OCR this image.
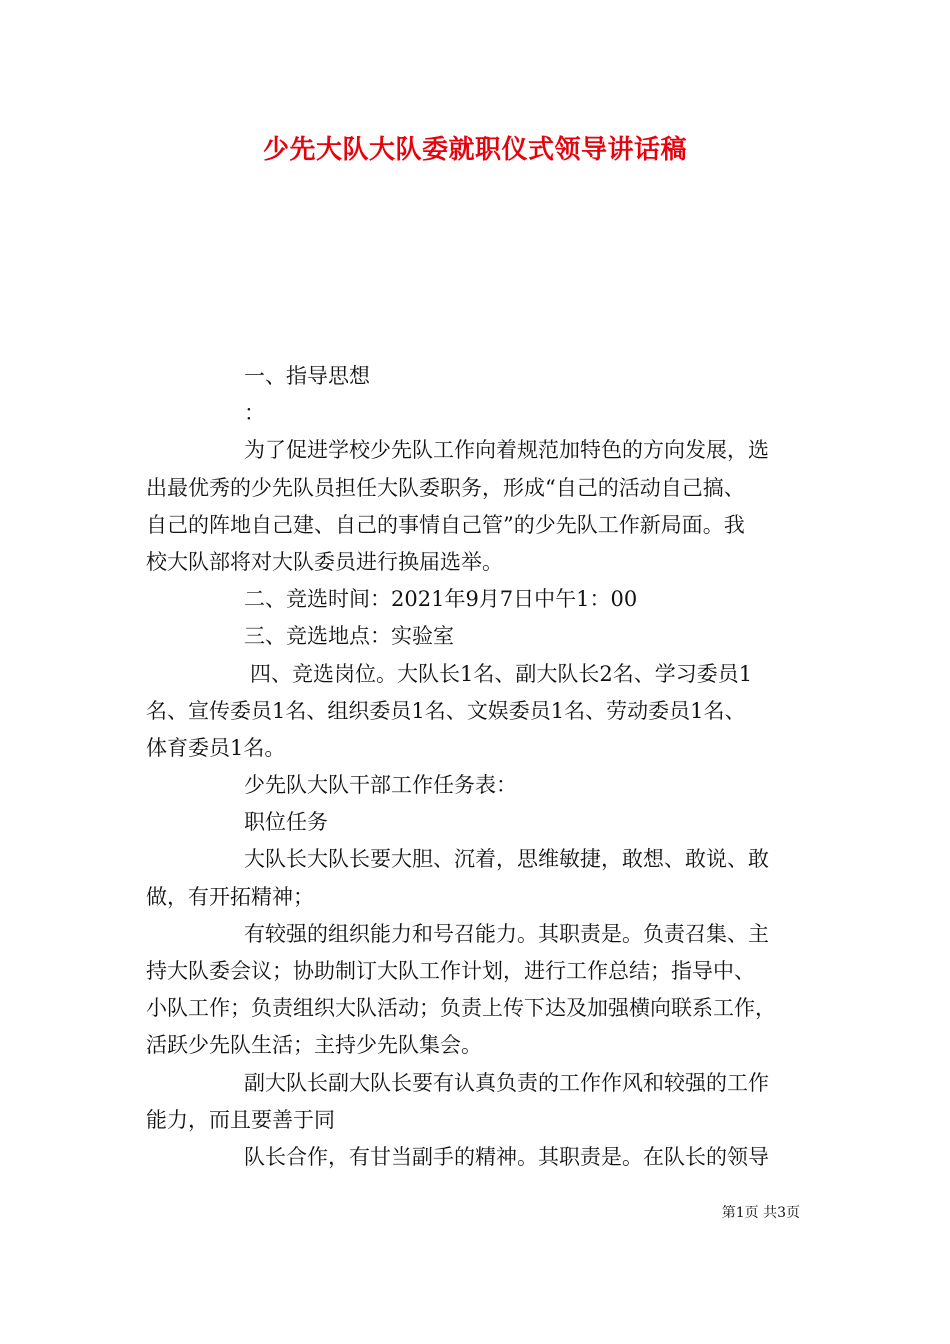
少先大队大队委就职仪式领导讲话稿
一、指导思想
：
为了促进学校少先队工作向着规范加特色的方向发展，选
出最优秀的少先队员担任大队委职务，形成“自己的活动自己搞、
自己的阵地自己建、自己的事情自己管”的少先队工作新局面。我
校大队部将对大队委员进行换届选举。
二、竞选时间：2021年9月7日中午1：00
三、竞选地点：实验室
四、竞选岗位。大队长1名、副大队长2名、学习委员1
名、宣传委员1名、组织委员1名、文娱委员1名、劳动委员1名、
体育委员1名。
少先队大队干部工作任务表：
职位任务
大队长大队长要大胆、沉着，思维敏捷，敢想、敢说、敢
做，有开拓精神；
有较强的组织能力和号召能力。其职责是。负责召集、主
持大队委会议；协助制订大队工作计划，进行工作总结；指导中、
小队工作；负责组织大队活动；负责上传下达及加强横向联系工作，
活跃少先队生活；主持少先队集会。
副大队长副大队长要有认真负责的工作作风和较强的工作
能力，而且要善于同
队长合作，有甘当副手的精神。其职责是。在队长的领导
第1页 共3页
